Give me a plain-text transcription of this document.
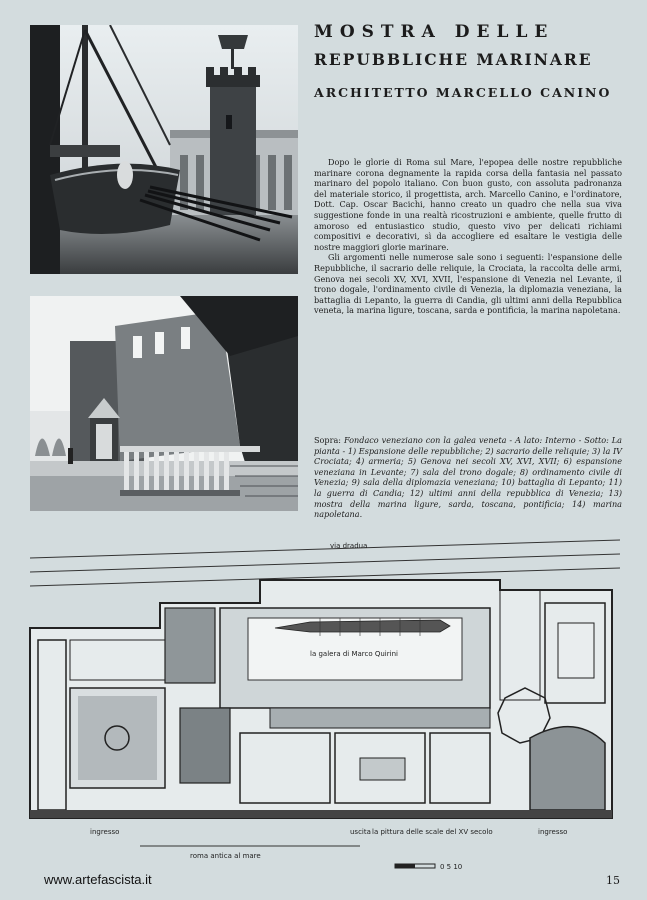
MOSTRA DELLE
REPUBBLICHE MARINARE
ARCHITETTO MARCELLO CANINO

Dopo le glorie di Roma sul Mare, l'epopea delle nostre repubbliche marinare corona degnamente la rapida corsa della fantasia nel passato marinaro del popolo italiano. Con buon gusto, con assoluta padronanza del materiale storico, il progettista, arch. Marcello Canino, e l'ordinatore, Dott. Cap. Oscar Bacichi, hanno creato un quadro che nella sua viva suggestione fonde in una realtà ricostruzioni e ambiente, quelle frutto di amoroso ed entusiastico studio, questo vivo per delicati richiami compositivi e decorativi, sì da accogliere ed esaltare le vestigia delle nostre maggiori glorie marinare.

Gli argomenti nelle numerose sale sono i seguenti: l'espansione delle Repubbliche, il sacrario delle reliquie, la Crociata, la raccolta delle armi, Genova nei secoli XV, XVI, XVII, l'espansione di Venezia nel Levante, il trono dogale, l'ordinamento civile di Venezia, la diplomazia veneziana, la battaglia di Lepanto, la guerra di Candia, gli ultimi anni della Repubblica veneta, la marina ligure, toscana, sarda e pontificia, la marina napoletana.

Sopra: Fondaco veneziano con la galea veneta - A lato: Interno - Sotto: La pianta - 1) Espansione delle repubbliche; 2) sacrario delle reliquie; 3) la IV Crociata; 4) armeria; 5) Genova nei secoli XV, XVI, XVII; 6) espansione veneziana in Levante; 7) sala del trono dogale; 8) ordinamento civile di Venezia; 9) sala della diplomazia veneziana; 10) battaglia di Lepanto; 11) la guerra di Candia; 12) ultimi anni della repubblica di Venezia; 13) mostra della marina ligure, sarda, toscana, pontificia; 14) marina napoletana.
via dradua
la galera di Marco Quirini
ingresso	uscita la pittura delle scale del XV secolo	ingresso
roma antica al mare
0 5 10
www.artefascista.it	15
